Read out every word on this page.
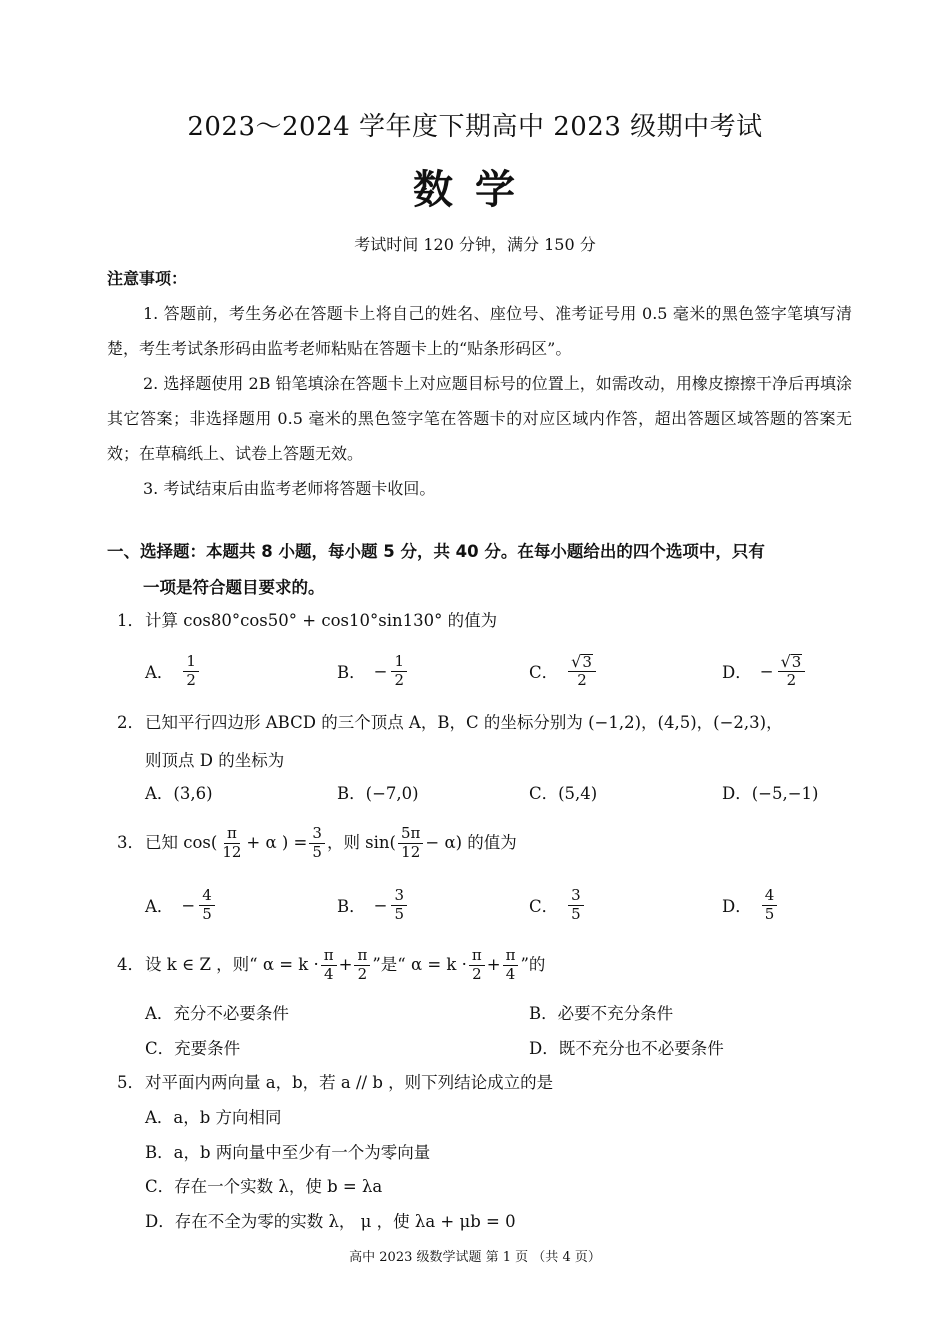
2023～2024 学年度下期高中 2023 级期中考试
数学
考试时间 120 分钟，满分 150 分
注意事项：
1. 答题前，考生务必在答题卡上将自己的姓名、座位号、准考证号用 0.5 毫米的黑色签字笔填写清楚，考生考试条形码由监考老师粘贴在答题卡上的“贴条形码区”。
2. 选择题使用 2B 铅笔填涂在答题卡上对应题目标号的位置上，如需改动，用橡皮擦擦干净后再填涂其它答案；非选择题用 0.5 毫米的黑色签字笔在答题卡的对应区域内作答，超出答题区域答题的答案无效；在草稿纸上、试卷上答题无效。
3. 考试结束后由监考老师将答题卡收回。
一、选择题：本题共 8 小题，每小题 5 分，共 40 分。在每小题给出的四个选项中，只有
一项是符合题目要求的。
1．计算 cos80°cos50° + cos10°sin130° 的值为
A． $\frac{1}{2}$	B． − $\frac{1}{2}$	C． $\frac{√ 3}{2}$	D． − $\frac{√ 3}{2}$
2．已知平行四边形 ABCD 的三个顶点 A，B，C 的坐标分别为 (−1,2)，(4,5)，(−2,3)，
则顶点 D 的坐标为
A．(3,6)	B．(−7,0)	C．(5,4)	D．(−5,−1)
3． 已知 $\cos( \frac{\pi}{12} + \alpha$ ) = $\frac{3}{5}$ ，则 $\sin( \frac{5\pi}{12} - \alpha)$ 的值为
A． − $\frac{4}{5}$	B． − $\frac{3}{5}$	C． $\frac{3}{5}$	D． $\frac{4}{5}$
4． 设 k ∈ Z ，则“ $\alpha = k \cdot \frac{\pi}{4} + \frac{\pi}{2}$ ”是“ $\alpha = k \cdot \frac{\pi}{2} + \frac{\pi}{4}$ ”的
A．充分不必要条件	B．必要不充分条件
C．充要条件	D．既不充分也不必要条件
5．对平面内两向量 a，b，若 a // b ，则下列结论成立的是
A．a，b 方向相同
B．a，b 两向量中至少有一个为零向量
C．存在一个实数 λ，使 b = λa
D．存在不全为零的实数 λ， μ ，使 λa + μb = 0
高中 2023 级数学试题 第 1 页 （共 4 页）
